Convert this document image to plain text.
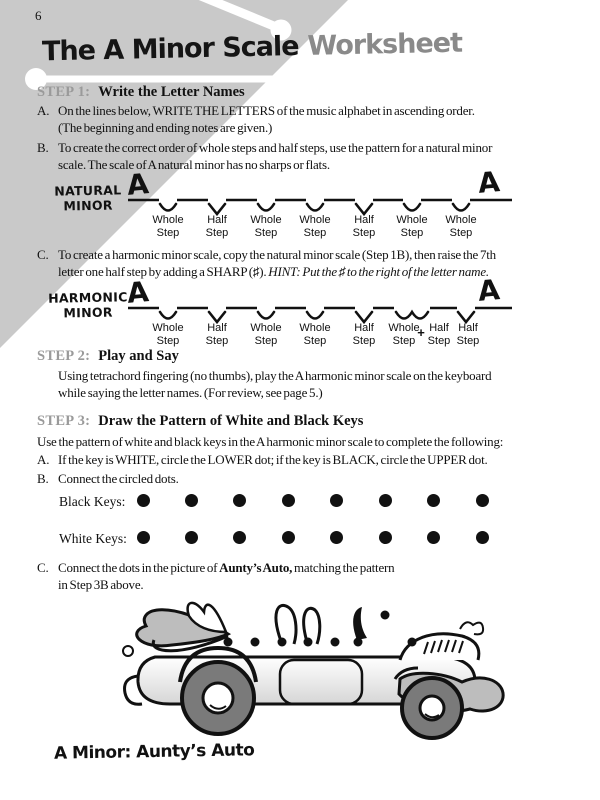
6
The A Minor Scale Worksheet
STEP 1: Write the Letter Names
A. On the lines below, WRITE THE LETTERS of the music alphabet in ascending order.
(The beginning and ending notes are given.)
B. To create the correct order of whole steps and half steps, use the pattern for a natural minor
scale. The scale of A natural minor has no sharps or flats.
NATURAL
MINOR
A	A
C. To create a harmonic minor scale, copy the natural minor scale (Step 1B), then raise the 7th
letter one half step by adding a SHARP (♯). HINT: Put the ♯ to the right of the letter name.
HARMONIC
MINOR
A	A
STEP 2: Play and Say
Using tetrachord fingering (no thumbs), play the A harmonic minor scale on the keyboard
while saying the letter names. (For review, see page 5.)
STEP 3: Draw the Pattern of White and Black Keys
Use the pattern of white and black keys in the A harmonic minor scale to complete the following:
A. If the key is WHITE, circle the LOWER dot; if the key is BLACK, circle the UPPER dot.
B. Connect the circled dots.
Black Keys:
White Keys:
C. Connect the dots in the picture of Aunty’s Auto, matching the pattern
in Step 3B above.
A Minor: Aunty’s Auto
Whole
Step
Half
Step
Whole
Step
Whole
Step
Half
Step
Whole
Step
Whole
Step
Whole
Step
Half
Step
Whole
Step
Whole
Step
Half
Step
Whole
Step
+ Half
Step
Half
Step
